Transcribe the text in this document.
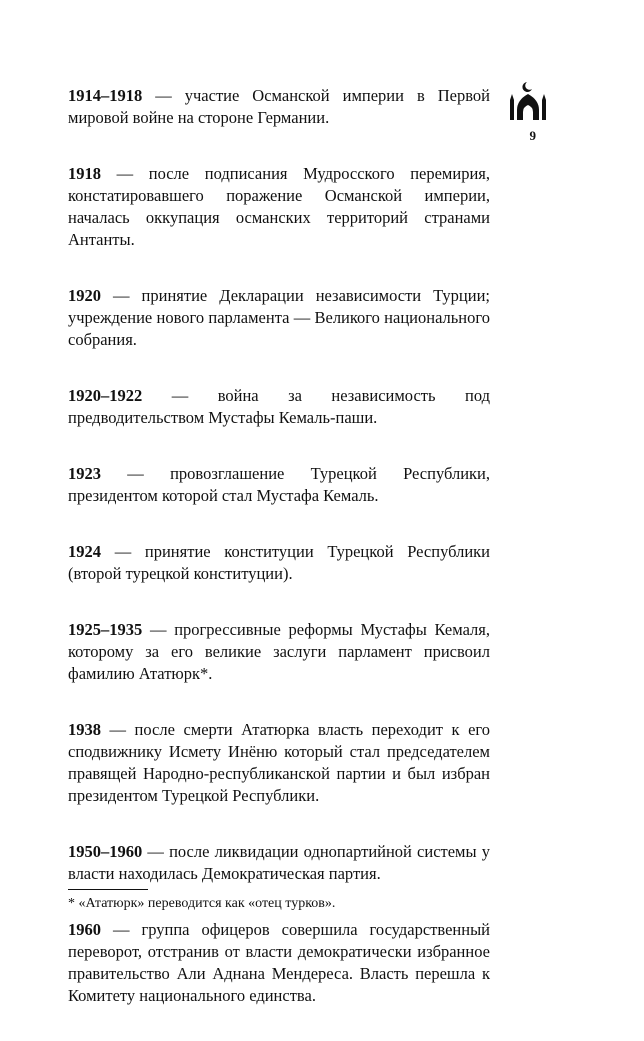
9

1914–1918 — участие Османской империи в Первой мировой войне на стороне Германии.

1918 — после подписания Мудросского перемирия, констатировавшего поражение Османской империи, началась оккупация османских территорий странами Антанты.

1920 — принятие Декларации независимости Турции; учреждение нового парламента — Великого национального собрания.

1920–1922 — война за независимость под предводительством Мустафы Кемаль-паши.

1923 — провозглашение Турецкой Республики, президентом которой стал Мустафа Кемаль.

1924 — принятие конституции Турецкой Республики (второй турецкой конституции).

1925–1935 — прогрессивные реформы Мустафы Кемаля, которому за его великие заслуги парламент присвоил фамилию Ататюрк*.

1938 — после смерти Ататюрка власть переходит к его сподвижнику Исмету Инёню который стал председателем правящей Народно-республиканской партии и был избран президентом Турецкой Республики.

1950–1960 — после ликвидации однопартийной системы у власти находилась Демократическая партия.

1960 — группа офицеров совершила государственный переворот, отстранив от власти демократически избранное правительство Али Аднана Мендереса. Власть перешла к Комитету национального единства.

* «Ататюрк» переводится как «отец турков».
